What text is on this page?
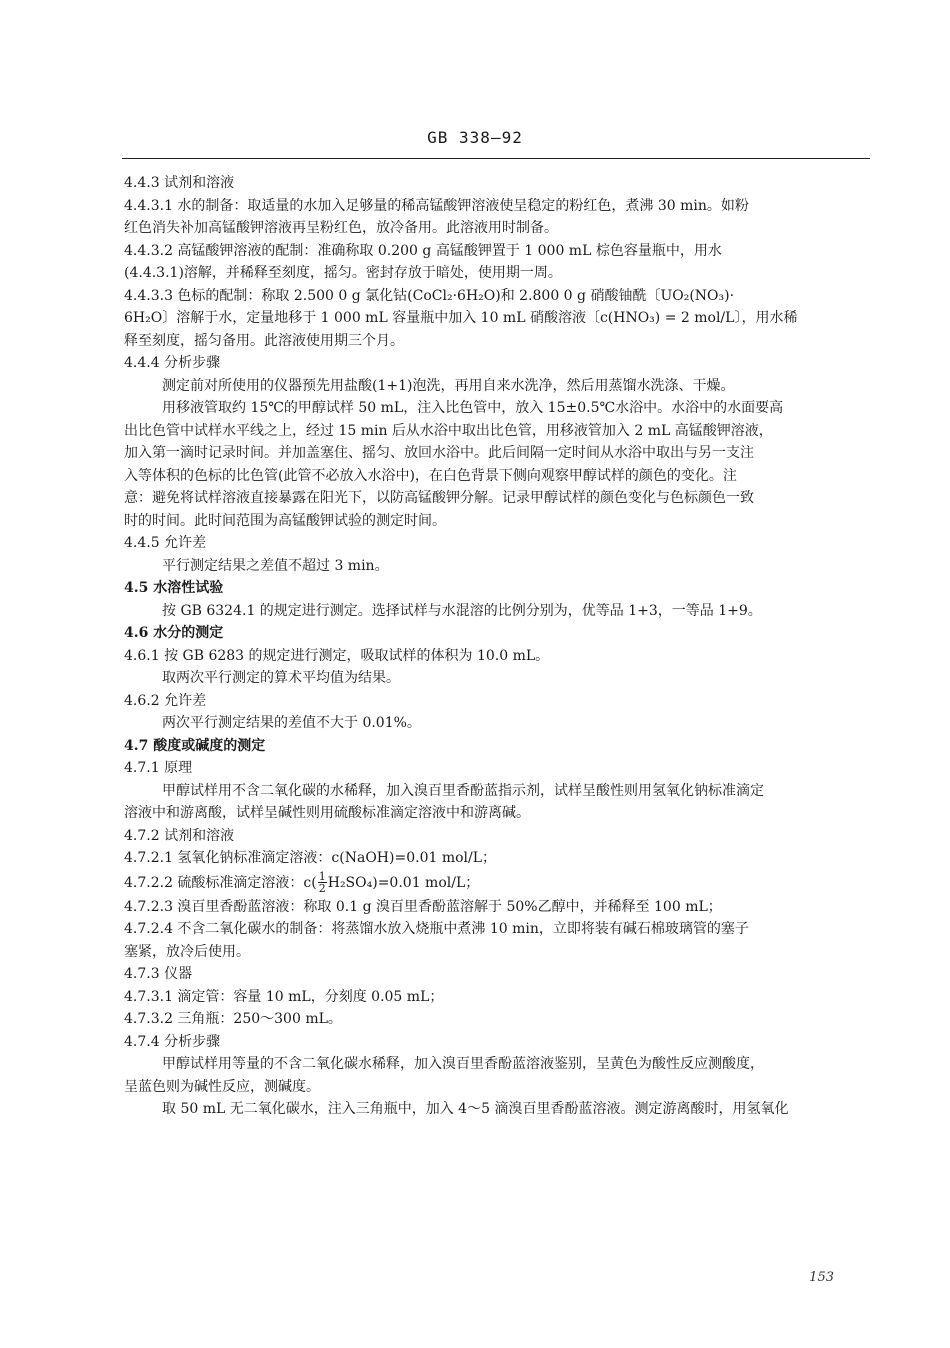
GB 338—92
4.4.3 试剂和溶液
4.4.3.1 水的制备：取适量的水加入足够量的稀高锰酸钾溶液使呈稳定的粉红色，煮沸 30 min。如粉
红色消失补加高锰酸钾溶液再呈粉红色，放冷备用。此溶液用时制备。
4.4.3.2 高锰酸钾溶液的配制：准确称取 0.200 g 高锰酸钾置于 1 000 mL 棕色容量瓶中，用水
(4.4.3.1)溶解，并稀释至刻度，摇匀。密封存放于暗处，使用期一周。
4.4.3.3 色标的配制：称取 2.500 0 g 氯化钴(CoCl₂·6H₂O)和 2.800 0 g 硝酸铀酰〔UO₂(NO₃)·
6H₂O〕溶解于水，定量地移于 1 000 mL 容量瓶中加入 10 mL 硝酸溶液〔c(HNO₃) = 2 mol/L〕，用水稀
释至刻度，摇匀备用。此溶液使用期三个月。
4.4.4 分析步骤
测定前对所使用的仪器预先用盐酸(1+1)泡洗，再用自来水洗净，然后用蒸馏水洗涤、干燥。
用移液管取约 15℃的甲醇试样 50 mL，注入比色管中，放入 15±0.5℃水浴中。水浴中的水面要高
出比色管中试样水平线之上，经过 15 min 后从水浴中取出比色管，用移液管加入 2 mL 高锰酸钾溶液，
加入第一滴时记录时间。并加盖塞住、摇匀、放回水浴中。此后间隔一定时间从水浴中取出与另一支注
入等体积的色标的比色管(此管不必放入水浴中)，在白色背景下侧向观察甲醇试样的颜色的变化。注
意：避免将试样溶液直接暴露在阳光下，以防高锰酸钾分解。记录甲醇试样的颜色变化与色标颜色一致
时的时间。此时间范围为高锰酸钾试验的测定时间。
4.4.5 允许差
平行测定结果之差值不超过 3 min。
4.5 水溶性试验
按 GB 6324.1 的规定进行测定。选择试样与水混溶的比例分别为，优等品 1+3，一等品 1+9。
4.6 水分的测定
4.6.1 按 GB 6283 的规定进行测定，吸取试样的体积为 10.0 mL。
取两次平行测定的算术平均值为结果。
4.6.2 允许差
两次平行测定结果的差值不大于 0.01%。
4.7 酸度或碱度的测定
4.7.1 原理
甲醇试样用不含二氧化碳的水稀释，加入溴百里香酚蓝指示剂，试样呈酸性则用氢氧化钠标准滴定
溶液中和游离酸，试样呈碱性则用硫酸标准滴定溶液中和游离碱。
4.7.2 试剂和溶液
4.7.2.1 氢氧化钠标准滴定溶液：c(NaOH)=0.01 mol/L；
4.7.2.2 硫酸标准滴定溶液：$c( \frac{1}{2} H_2SO_4)=0.01$ mol/L；
4.7.2.3 溴百里香酚蓝溶液：称取 0.1 g 溴百里香酚蓝溶解于 50%乙醇中，并稀释至 100 mL；
4.7.2.4 不含二氧化碳水的制备：将蒸馏水放入烧瓶中煮沸 10 min，立即将装有碱石棉玻璃管的塞子
塞紧，放冷后使用。
4.7.3 仪器
4.7.3.1 滴定管：容量 10 mL，分刻度 0.05 mL；
4.7.3.2 三角瓶：250～300 mL。
4.7.4 分析步骤
甲醇试样用等量的不含二氧化碳水稀释，加入溴百里香酚蓝溶液鉴别，呈黄色为酸性反应测酸度，
呈蓝色则为碱性反应，测碱度。
取 50 mL 无二氧化碳水，注入三角瓶中，加入 4～5 滴溴百里香酚蓝溶液。测定游离酸时，用氢氧化
153
